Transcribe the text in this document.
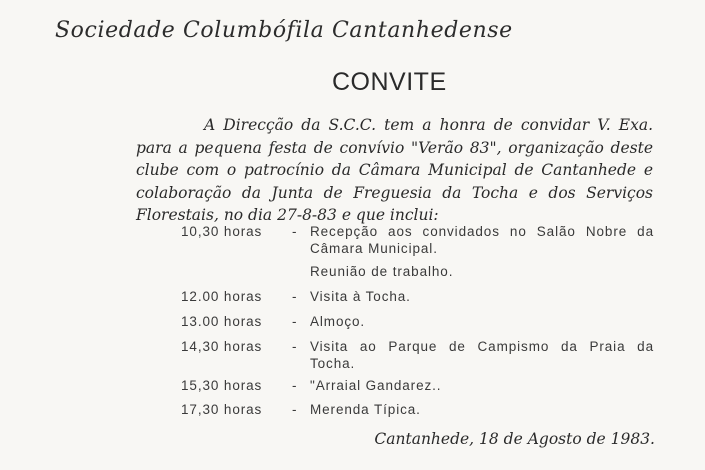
Sociedade Columbófila Cantanhedense
CONVITE
A Direcção da S.C.C. tem a honra de convidar V. Exa. para a pequena festa de convívio "Verão 83", organização deste clube com o patrocínio da Câmara Municipal de Cantanhede e colaboração da Junta de Freguesia da Tocha e dos Serviços Florestais, no dia 27-8-83 e que inclui:
10,30 horas	- Recepção aos convidados no Salão Nobre da Câmara Municipal.
Reunião de trabalho.
12.00 horas	- Visita à Tocha.
13.00 horas	- Almoço.
14,30 horas	- Visita ao Parque de Campismo da Praia da Tocha.
15,30 horas	- "Arraial Gandarez..
17,30 horas	- Merenda Típica.
Cantanhede, 18 de Agosto de 1983.
